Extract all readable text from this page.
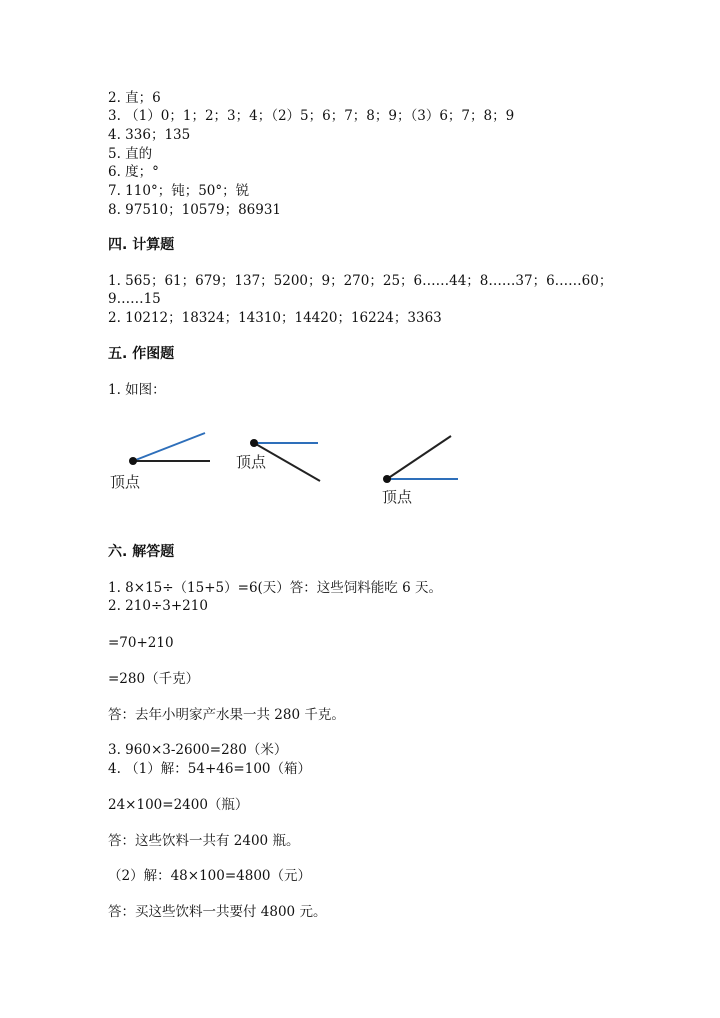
2. 直；6
3. （1）0；1；2；3；4；（2）5；6；7；8；9；（3）6；7；8；9
4. 336；135
5. 直的
6. 度；°
7. 110°；钝；50°；锐
8. 97510；10579；86931
四. 计算题
1. 565；61；679；137；5200；9；270；25；6……44；8……37；6……60；
9……15
2. 10212；18324；14310；14420；16224；3363
五. 作图题
1. 如图：
顶点
顶点
顶点
六. 解答题
1. 8×15÷（15+5）=6(天）答：这些饲料能吃 6 天。
2. 210÷3+210
=70+210
=280（千克）
答：去年小明家产水果一共 280 千克。
3. 960×3-2600=280（米）
4. （1）解：54+46=100（箱）
24×100=2400（瓶）
答：这些饮料一共有 2400 瓶。
（2）解：48×100=4800（元）
答：买这些饮料一共要付 4800 元。
